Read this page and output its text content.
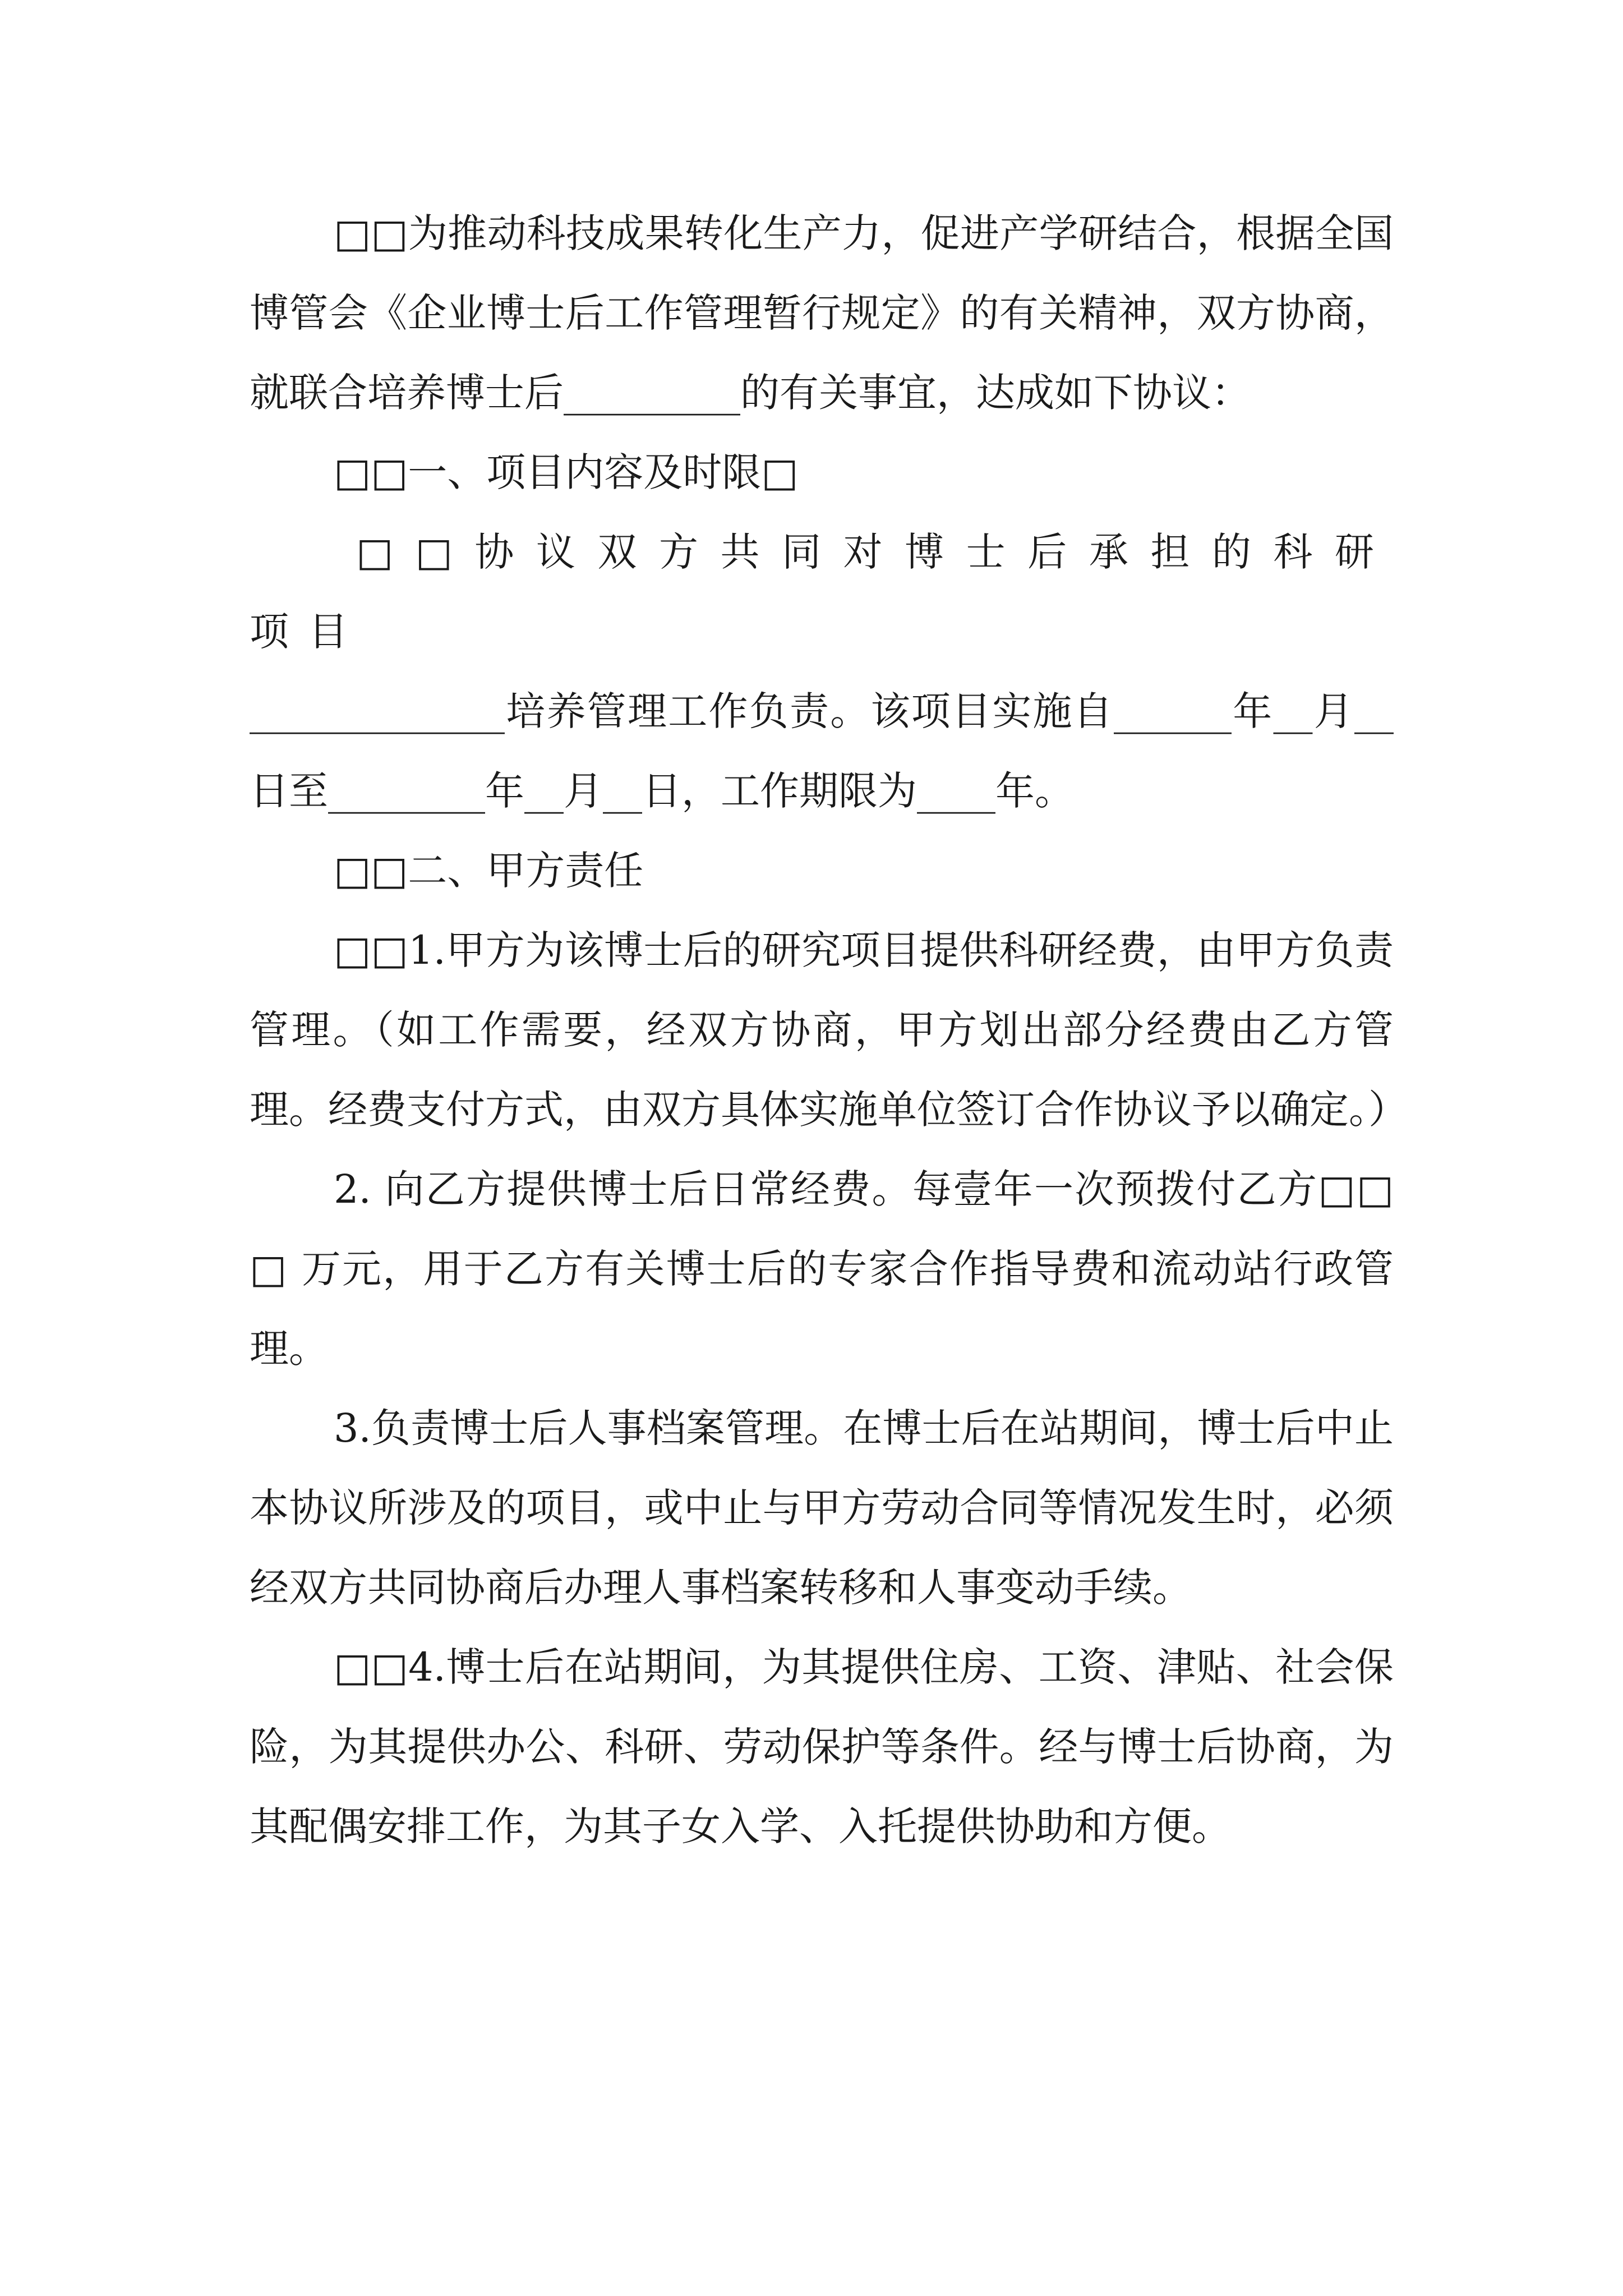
□□为推动科技成果转化生产力，促进产学研结合，根据全国博管会《企业博士后工作管理暂行规定》的有关精神，双方协商，就联合培养博士后_________的有关事宜，达成如下协议：

□□一、项目内容及时限□

□□协议双方共同对博士后承担的科研项目

_____________培养管理工作负责。该项目实施自______年__月__日至________年__月__日，工作期限为____年。

□□二、甲方责任

□□1.甲方为该博士后的研究项目提供科研经费，由甲方负责管理。（如工作需要，经双方协商，甲方划出部分经费由乙方管理。经费支付方式，由双方具体实施单位签订合作协议予以确定。）

2. 向乙方提供博士后日常经费。每壹年一次预拨付乙方□□□ 万元，用于乙方有关博士后的专家合作指导费和流动站行政管理。

3.负责博士后人事档案管理。在博士后在站期间，博士后中止本协议所涉及的项目，或中止与甲方劳动合同等情况发生时，必须经双方共同协商后办理人事档案转移和人事变动手续。

□□4.博士后在站期间，为其提供住房、工资、津贴、社会保险，为其提供办公、科研、劳动保护等条件。经与博士后协商，为其配偶安排工作，为其子女入学、入托提供协助和方便。
